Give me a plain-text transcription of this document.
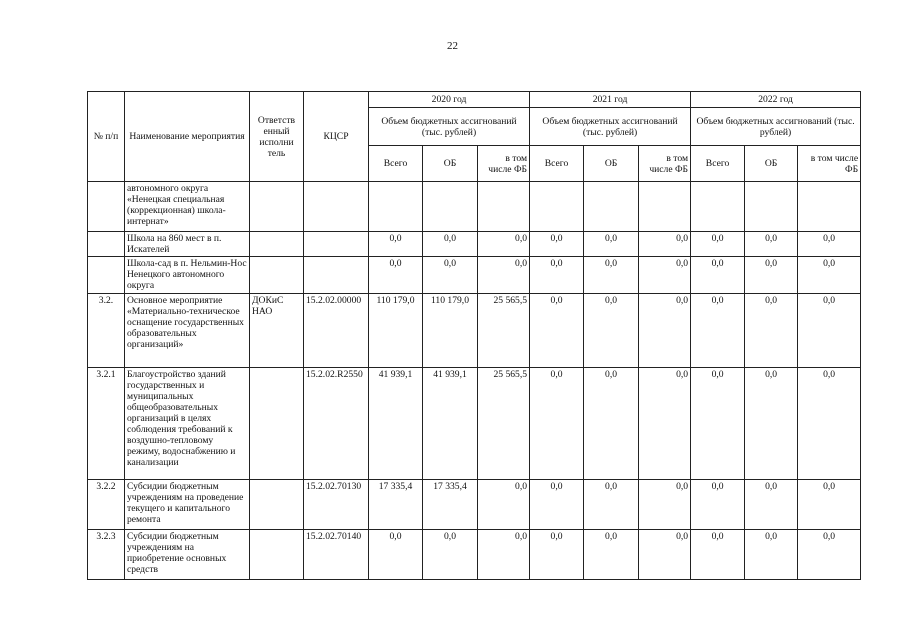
22
№ п/п	Наименование мероприятия	Ответств енный исполни тель	КЦСР	2020 год			2021 год			2022 год		
				Объем бюджетных ассигнований (тыс. рублей)			Объем бюджетных ассигнований (тыс. рублей)			Объем бюджетных ассигнований (тыс. рублей)		
				Всего	ОБ	в том числе ФБ	Всего	ОБ	в том числе ФБ	Всего	ОБ	в том числе ФБ
	автономного округа «Ненецкая специальная (коррекционная) школа-интернат»											
	Школа на 860 мест в п. Искателей			0,0	0,0	0,0	0,0	0,0	0,0	0,0	0,0	0,0
	Школа-сад в п. Нельмин-Нос Ненецкого автономного округа			0,0	0,0	0,0	0,0	0,0	0,0	0,0	0,0	0,0
3.2.	Основное мероприятие «Материально-техническое оснащение государственных образовательных организаций»	ДОКиС НАО	15.2.02.00000	110 179,0	110 179,0	25 565,5	0,0	0,0	0,0	0,0	0,0	0,0
3.2.1	Благоустройство зданий государственных и муниципальных общеобразовательных организаций в целях соблюдения требований к воздушно-тепловому режиму, водоснабжению и канализации		15.2.02.R2550	41 939,1	41 939,1	25 565,5	0,0	0,0	0,0	0,0	0,0	0,0
3.2.2	Субсидии бюджетным учреждениям на проведение текущего и капитального ремонта		15.2.02.70130	17 335,4	17 335,4	0,0	0,0	0,0	0,0	0,0	0,0	0,0
3.2.3	Субсидии бюджетным учреждениям на приобретение основных средств		15.2.02.70140	0,0	0,0	0,0	0,0	0,0	0,0	0,0	0,0	0,0
